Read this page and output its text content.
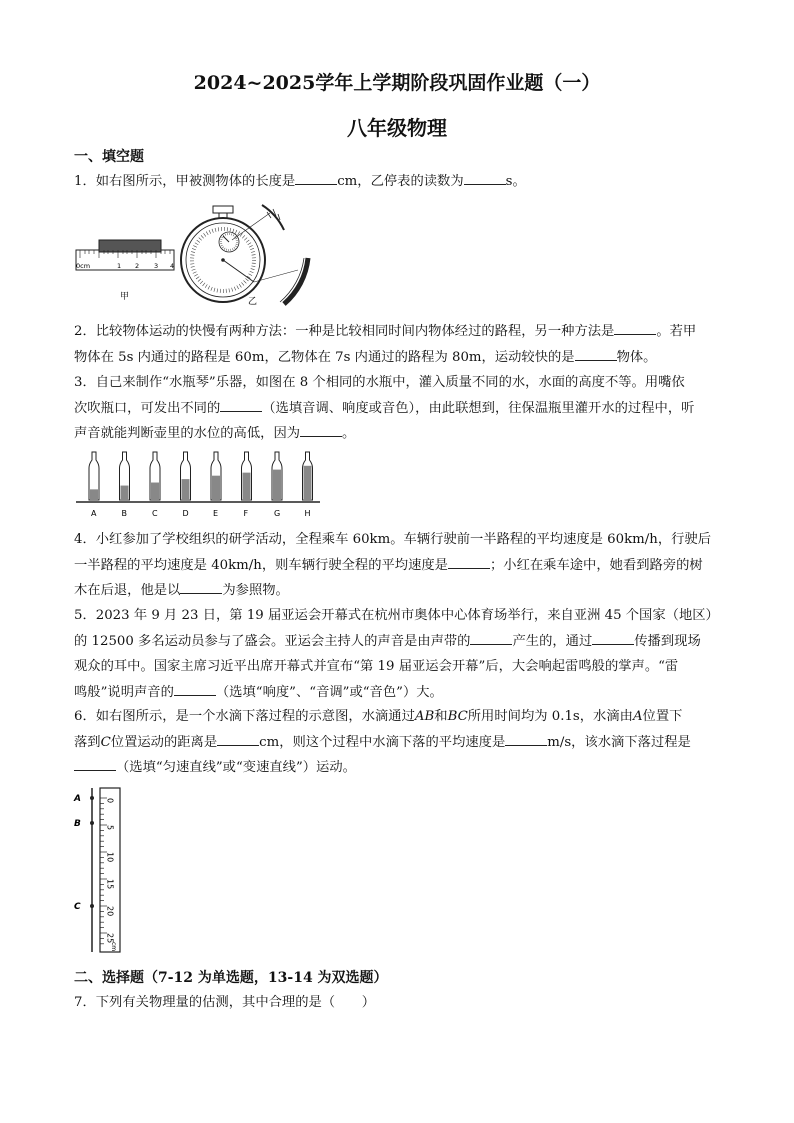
2024~2025学年上学期阶段巩固作业题（一）
八年级物理
一、填空题

1．如右图所示，甲被测物体的长度是	cm，乙停表的读数为	s。

0cm	1 2 3 4
甲	乙

2．比较物体运动的快慢有两种方法：一种是比较相同时间内物体经过的路程，另一种方法是	。若甲
物体在 5s 内通过的路程是 60m，乙物体在 7s 内通过的路程为 80m，运动较快的是	物体。

3．自己来制作“水瓶琴”乐器，如图在 8 个相同的水瓶中，灌入质量不同的水，水面的高度不等。用嘴依
次吹瓶口，可发出不同的	（选填音调、响度或音色），由此联想到，往保温瓶里灌开水的过程中，听
声音就能判断壶里的水位的高低，因为	。

A	B	C	D	E	F	G	H

4．小红参加了学校组织的研学活动，全程乘车 60km。车辆行驶前一半路程的平均速度是 60km/h，行驶后
一半路程的平均速度是 40km/h，则车辆行驶全程的平均速度是	；小红在乘车途中，她看到路旁的树
木在后退，他是以	为参照物。

5．2023 年 9 月 23 日，第 19 届亚运会开幕式在杭州市奥体中心体育场举行，来自亚洲 45 个国家（地区）
的 12500 多名运动员参与了盛会。亚运会主持人的声音是由声带的	产生的，通过	传播到现场
观众的耳中。国家主席习近平出席开幕式并宣布“第 19 届亚运会开幕”后，大会响起雷鸣般的掌声。“雷
鸣般”说明声音的	（选填“响度”、“音调”或“音色”）大。

6．如右图所示，是一个水滴下落过程的示意图，水滴通过AB和BC所用时间均为 0.1s，水滴由A位置下
落到C位置运动的距离是	cm，则这个过程中水滴下落的平均速度是	m/s，该水滴下落过程是
（选填“匀速直线”或“变速直线”）运动。

0
5
10
15
20
25
cm
A
B
C
二、选择题（7-12 为单选题，13-14 为双选题）

7．下列有关物理量的估测，其中合理的是（　　）
